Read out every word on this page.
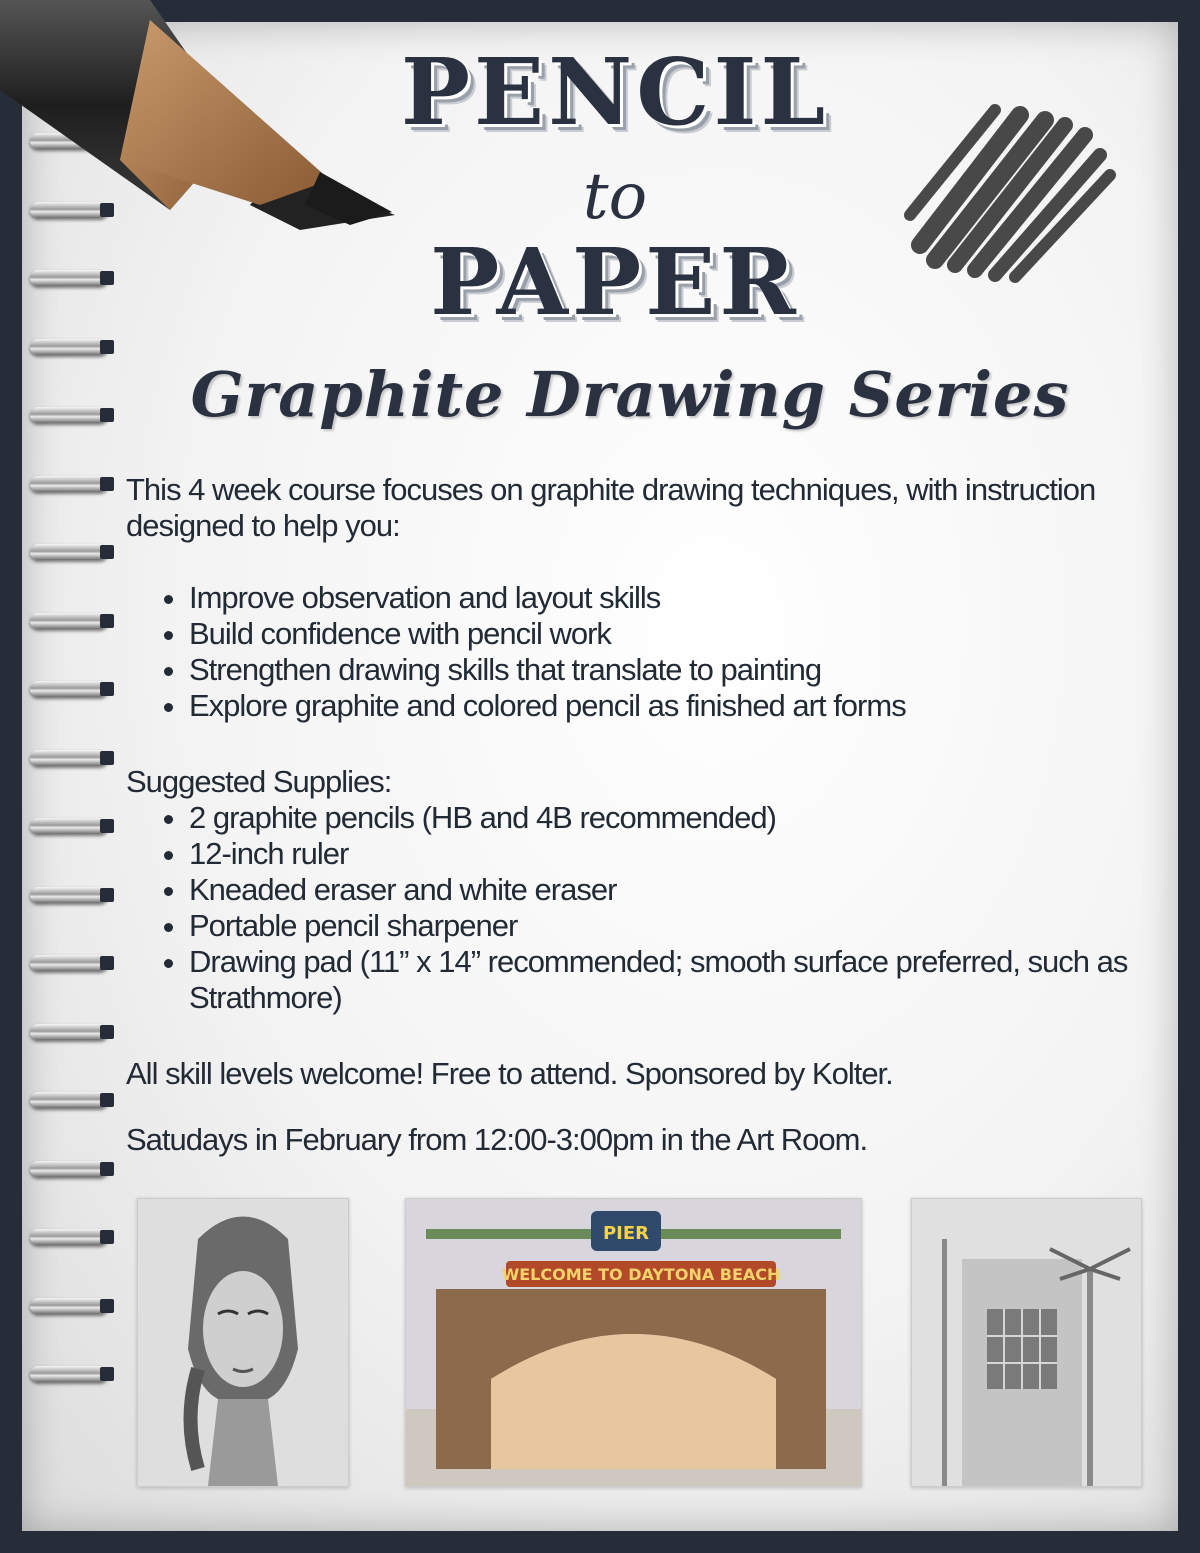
PENCIL
to
PAPER
Graphite Drawing Series

This 4 week course focuses on graphite drawing techniques, with instruction designed to help you:

• Improve observation and layout skills
• Build confidence with pencil work
• Strengthen drawing skills that translate to painting
• Explore graphite and colored pencil as finished art forms

Suggested Supplies:

• 2 graphite pencils (HB and 4B recommended)
• 12-inch ruler
• Kneaded eraser and white eraser
• Portable pencil sharpener
• Drawing pad (11” x 14” recommended; smooth surface preferred, such as Strathmore)

All skill levels welcome! Free to attend. Sponsored by Kolter.

Satudays in February from 12:00-3:00pm in the Art Room.

WELCOME TO DAYTONA BEACH
PIER
